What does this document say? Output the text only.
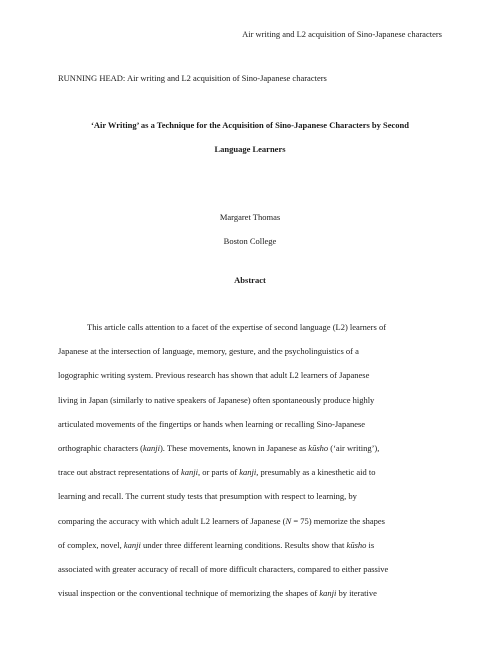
Air writing and L2 acquisition of Sino-Japanese characters
RUNNING HEAD: Air writing and L2 acquisition of Sino-Japanese characters
‘Air Writing’ as a Technique for the Acquisition of Sino-Japanese Characters by Second
Language Learners
Margaret Thomas
Boston College
Abstract
This article calls attention to a facet of the expertise of second language (L2) learners of
Japanese at the intersection of language, memory, gesture, and the psycholinguistics of a
logographic writing system. Previous research has shown that adult L2 learners of Japanese
living in Japan (similarly to native speakers of Japanese) often spontaneously produce highly
articulated movements of the fingertips or hands when learning or recalling Sino-Japanese
orthographic characters (kanji). These movements, known in Japanese as kūsho (‘air writing’),
trace out abstract representations of kanji, or parts of kanji, presumably as a kinesthetic aid to
learning and recall. The current study tests that presumption with respect to learning, by
comparing the accuracy with which adult L2 learners of Japanese (N = 75) memorize the shapes
of complex, novel, kanji under three different learning conditions. Results show that kūsho is
associated with greater accuracy of recall of more difficult characters, compared to either passive
visual inspection or the conventional technique of memorizing the shapes of kanji by iterative
